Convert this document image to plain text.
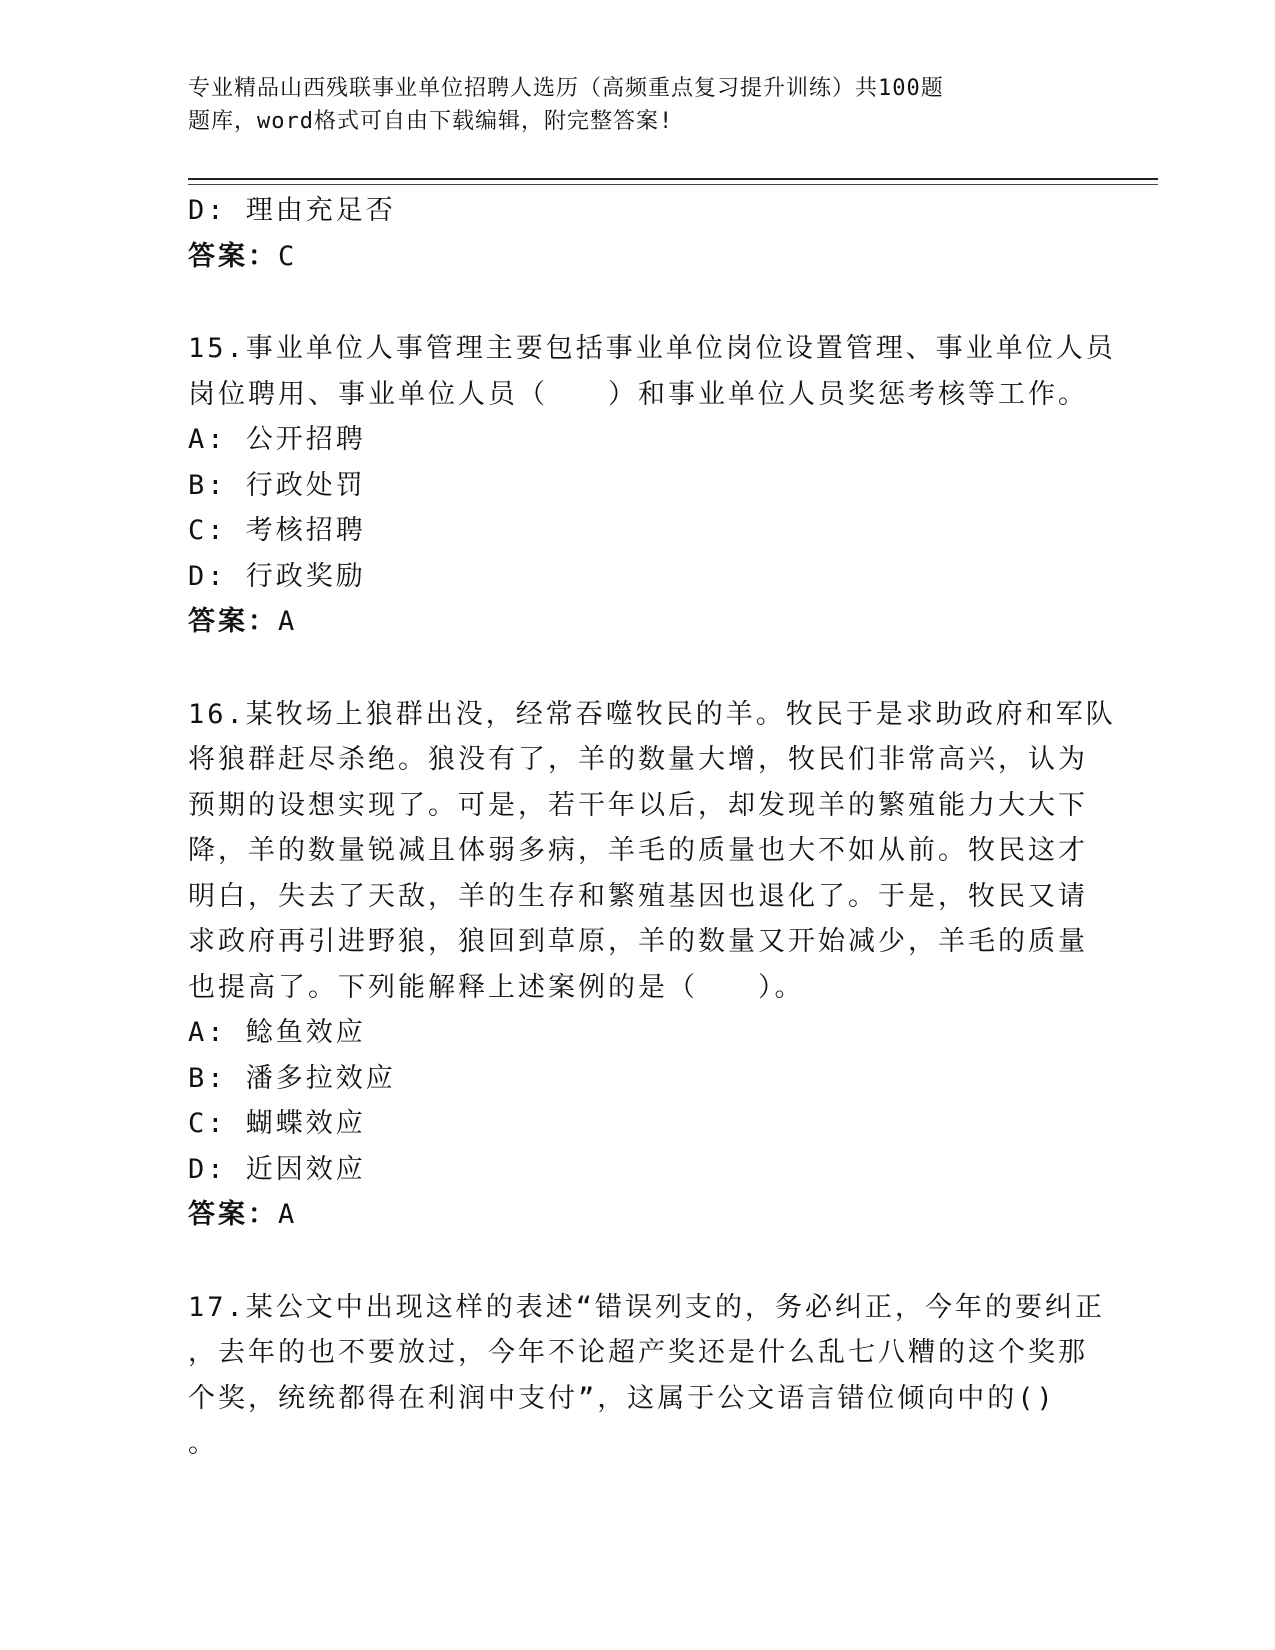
专业精品山西残联事业单位招聘人选历（高频重点复习提升训练）共100题
题库，word格式可自由下载编辑，附完整答案!
D: 理由充足否
答案：C
15.事业单位人事管理主要包括事业单位岗位设置管理、事业单位人员
岗位聘用、事业单位人员（　　）和事业单位人员奖惩考核等工作。
A: 公开招聘
B: 行政处罚
C: 考核招聘
D: 行政奖励
答案：A
16.某牧场上狼群出没，经常吞噬牧民的羊。牧民于是求助政府和军队
将狼群赶尽杀绝。狼没有了，羊的数量大增，牧民们非常高兴，认为
预期的设想实现了。可是，若干年以后，却发现羊的繁殖能力大大下
降，羊的数量锐减且体弱多病，羊毛的质量也大不如从前。牧民这才
明白，失去了天敌，羊的生存和繁殖基因也退化了。于是，牧民又请
求政府再引进野狼，狼回到草原，羊的数量又开始减少，羊毛的质量
也提高了。下列能解释上述案例的是（　　）。
A: 鲶鱼效应
B: 潘多拉效应
C: 蝴蝶效应
D: 近因效应
答案：A
17.某公文中出现这样的表述“错误列支的，务必纠正，今年的要纠正
，去年的也不要放过，今年不论超产奖还是什么乱七八糟的这个奖那
个奖，统统都得在利润中支付”，这属于公文语言错位倾向中的()
。
